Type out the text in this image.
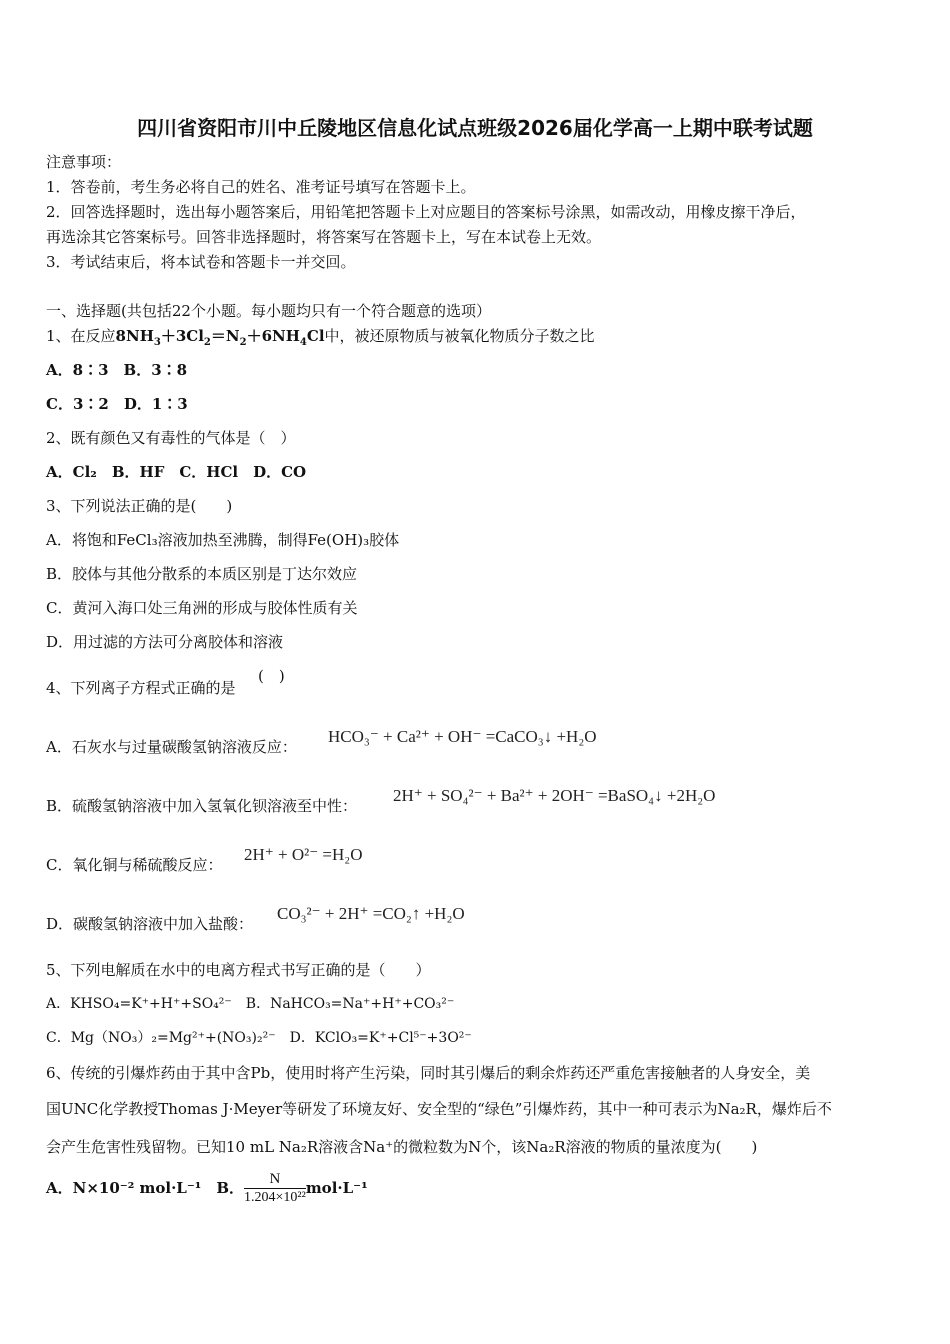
四川省资阳市川中丘陵地区信息化试点班级2026届化学高一上期中联考试题
注意事项：
1．答卷前，考生务必将自己的姓名、准考证号填写在答题卡上。
2．回答选择题时，选出每小题答案后，用铅笔把答题卡上对应题目的答案标号涂黑，如需改动，用橡皮擦干净后，
再选涂其它答案标号。回答非选择题时，将答案写在答题卡上，写在本试卷上无效。
3．考试结束后，将本试卷和答题卡一并交回。
一、选择题(共包括22个小题。每小题均只有一个符合题意的选项）
1、在反应$8NH_3+3Cl_2=N_2+6NH_4Cl$中，被还原物质与被氧化物质分子数之比
A．8∶3　B．3∶8
C．3∶2　D．1∶3
2、既有颜色又有毒性的气体是（　）
A．Cl₂　B．HF　C．HCl　D．CO
3、下列说法正确的是(　　)
A．将饱和FeCl₃溶液加热至沸腾，制得Fe(OH)₃胶体
B．胶体与其他分散系的本质区别是丁达尔效应
C．黄河入海口处三角洲的形成与胶体性质有关
D．用过滤的方法可分离胶体和溶液
4、下列离子方程式正确的是
(　)
A．石灰水与过量碳酸氢钠溶液反应：
HCO₃⁻ + Ca²⁺ + OH⁻ =CaCO₃↓ +H₂O
B．硫酸氢钠溶液中加入氢氧化钡溶液至中性：
2H⁺ + SO₄²⁻ + Ba²⁺ + 2OH⁻ =BaSO₄↓ +2H₂O
C．氧化铜与稀硫酸反应：
2H⁺ + O²⁻ =H₂O
D．碳酸氢钠溶液中加入盐酸：
CO₃²⁻ + 2H⁺ =CO₂↑ +H₂O
5、下列电解质在水中的电离方程式书写正确的是（　　）
A．KHSO₄=K⁺+H⁺+SO₄²⁻　B．NaHCO₃=Na⁺+H⁺+CO₃²⁻
C．Mg（NO₃）₂=Mg²⁺+(NO₃)₂²⁻　D．KClO₃=K⁺+Cl⁵⁻+3O²⁻
6、传统的引爆炸药由于其中含Pb，使用时将产生污染，同时其引爆后的剩余炸药还严重危害接触者的人身安全，美
国UNC化学教授Thomas J·Meyer等研发了环境友好、安全型的“绿色”引爆炸药，其中一种可表示为Na₂R，爆炸后不
会产生危害性残留物。已知10 mL Na₂R溶液含Na⁺的微粒数为N个，该Na₂R溶液的物质的量浓度为(　　)
A．N×10⁻² mol·L⁻¹　B． $\frac{N}{\text{1.204×10²²}} mol\cdot L^{-1}$
